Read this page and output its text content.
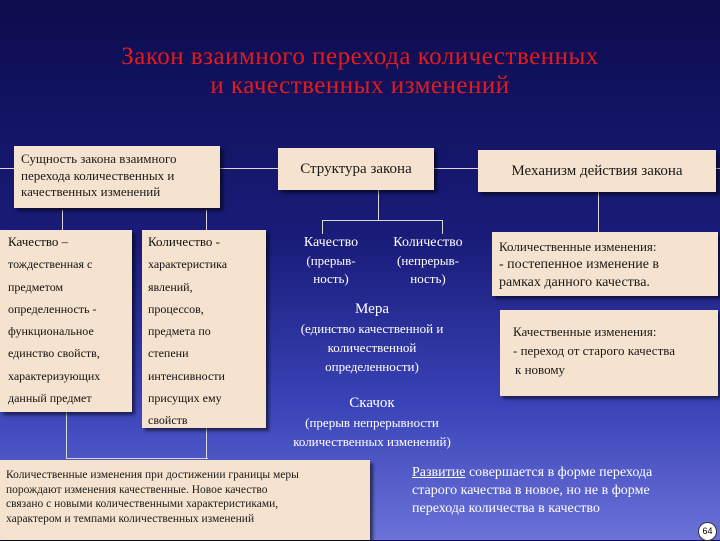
Закон взаимного перехода количественных
и качественных изменений
Сущность закона взаимного
перехода количественных и
качественных изменений
Структура закона	Механизм действия закона
Качество –
тождественная с
предметом
определенность -
функциональное
единство свойств,
характеризующих
данный предмет
Количество -
характеристика
явлений,
процессов,
предмета по
степени
интенсивности
присущих ему
свойств
Качество
(прерыв-
ность)
Количество
(непрерыв-
ность)
Мера
(единство качественной и
количественной
определенности)
Скачок
(прерыв непрерывности
количественных изменений)
Количественные изменения:
- постепенное изменение в
рамках данного качества.
Качественные изменения:
- переход от старого качества
к новому
Количественные изменения при достижении границы меры
порождают изменения качественные. Новое качество
связано с новыми количественными характеристиками,
характером и темпами количественных изменений
Развитие совершается в форме перехода
старого качества в новое, но не в форме
перехода количества в качество
64
